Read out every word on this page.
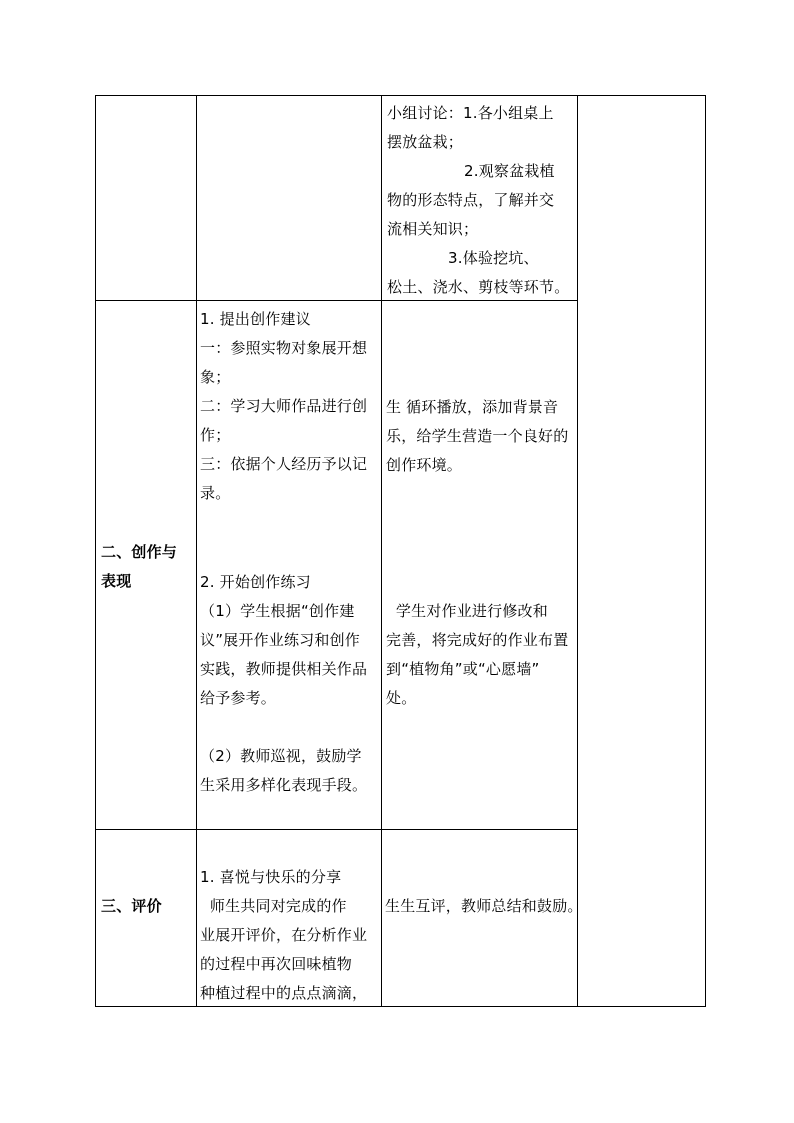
小组讨论：1.各小组桌上

摆放盆栽；

2.观察盆栽植

物的形态特点，了解并交

流相关知识；

3.体验挖坑、

松土、浇水、剪枝等环节。

二、创作与

表现

1. 提出创作建议

一：参照实物对象展开想

象；

二：学习大师作品进行创

作；

三：依据个人经历予以记

录。

2. 开始创作练习

（1）学生根据“创作建

议”展开作业练习和创作

实践，教师提供相关作品

给予参考。

（2）教师巡视，鼓励学

生采用多样化表现手段。

生 循环播放，添加背景音

乐，给学生营造一个良好的

创作环境。

学生对作业进行修改和

完善，将完成好的作业布置

到“植物角”或“心愿墙”

处。

三、评价

1. 喜悦与快乐的分享

师生共同对完成的作

业展开评价，在分析作业

的过程中再次回味植物

种植过程中的点点滴滴，

生生互评，教师总结和鼓励。
